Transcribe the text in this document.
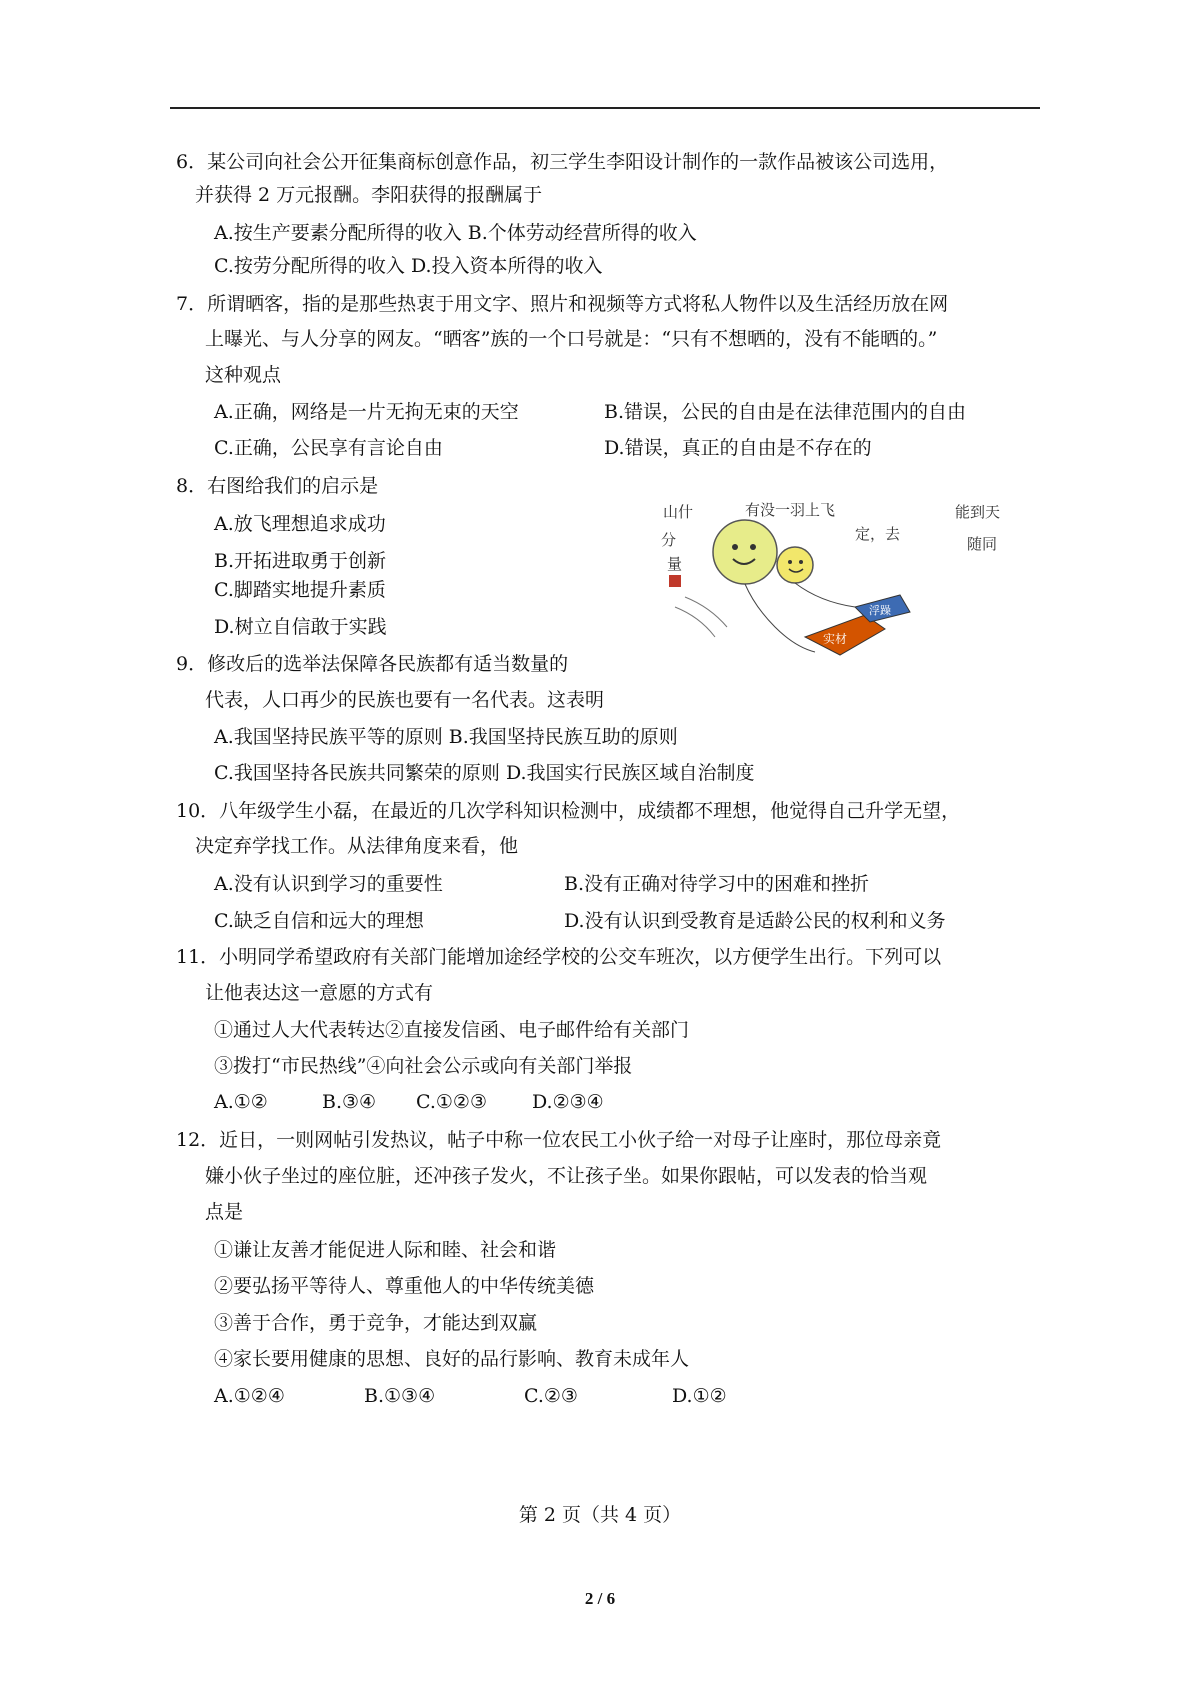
6．某公司向社会公开征集商标创意作品，初三学生李阳设计制作的一款作品被该公司选用，
并获得 2 万元报酬。李阳获得的报酬属于
A.按生产要素分配所得的收入 B.个体劳动经营所得的收入
C.按劳分配所得的收入 D.投入资本所得的收入
7．所谓晒客，指的是那些热衷于用文字、照片和视频等方式将私人物件以及生活经历放在网
上曝光、与人分享的网友。“晒客”族的一个口号就是：“只有不想晒的，没有不能晒的。”
这种观点
A.正确，网络是一片无拘无束的天空	B.错误，公民的自由是在法律范围内的自由
C.正确，公民享有言论自由	D.错误，真正的自由是不存在的
8．右图给我们的启示是
A.放飞理想追求成功
B.开拓进取勇于创新
C.脚踏实地提升素质
D.树立自信敢于实践
山什
分
量
有没一羽上飞
定，去
能到天
随同
实材
浮躁
9．修改后的选举法保障各民族都有适当数量的
代表，人口再少的民族也要有一名代表。这表明
A.我国坚持民族平等的原则 B.我国坚持民族互助的原则
C.我国坚持各民族共同繁荣的原则 D.我国实行民族区域自治制度
10．八年级学生小磊，在最近的几次学科知识检测中，成绩都不理想，他觉得自己升学无望，
决定弃学找工作。从法律角度来看，他
A.没有认识到学习的重要性	B.没有正确对待学习中的困难和挫折
C.缺乏自信和远大的理想	D.没有认识到受教育是适龄公民的权利和义务
11．小明同学希望政府有关部门能增加途经学校的公交车班次，以方便学生出行。下列可以
让他表达这一意愿的方式有
①通过人大代表转达②直接发信函、电子邮件给有关部门
③拨打“市民热线”④向社会公示或向有关部门举报
A.①②	B.③④ C.①②③ D.②③④
12．近日，一则网帖引发热议，帖子中称一位农民工小伙子给一对母子让座时，那位母亲竟
嫌小伙子坐过的座位脏，还冲孩子发火，不让孩子坐。如果你跟帖，可以发表的恰当观
点是
①谦让友善才能促进人际和睦、社会和谐
②要弘扬平等待人、尊重他人的中华传统美德
③善于合作，勇于竞争，才能达到双赢
④家长要用健康的思想、良好的品行影响、教育未成年人
A.①②④	B.①③④	C.②③	D.①②
第 2 页（共 4 页）
2 / 6
